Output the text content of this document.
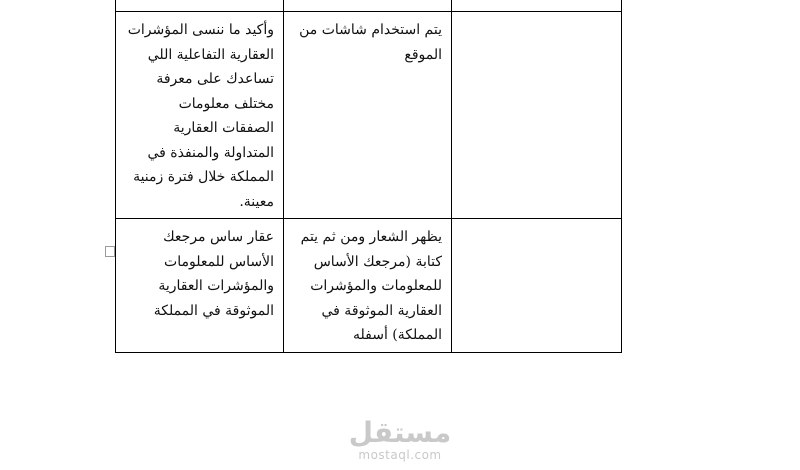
	يتم استخدام شاشات من الموقع	وأكيد ما ننسى المؤشرات العقارية التفاعلية اللي تساعدك على معرفة مختلف معلومات الصفقات العقارية المتداولة والمنفذة في المملكة خلال فترة زمنية معينة.
	يظهر الشعار ومن ثم يتم كتابة (مرجعك الأساس للمعلومات والمؤشرات العقارية الموثوقة في المملكة) أسفله	عقار ساس مرجعك الأساس للمعلومات والمؤشرات العقارية الموثوقة في المملكة
مستقل
mostaql.com
